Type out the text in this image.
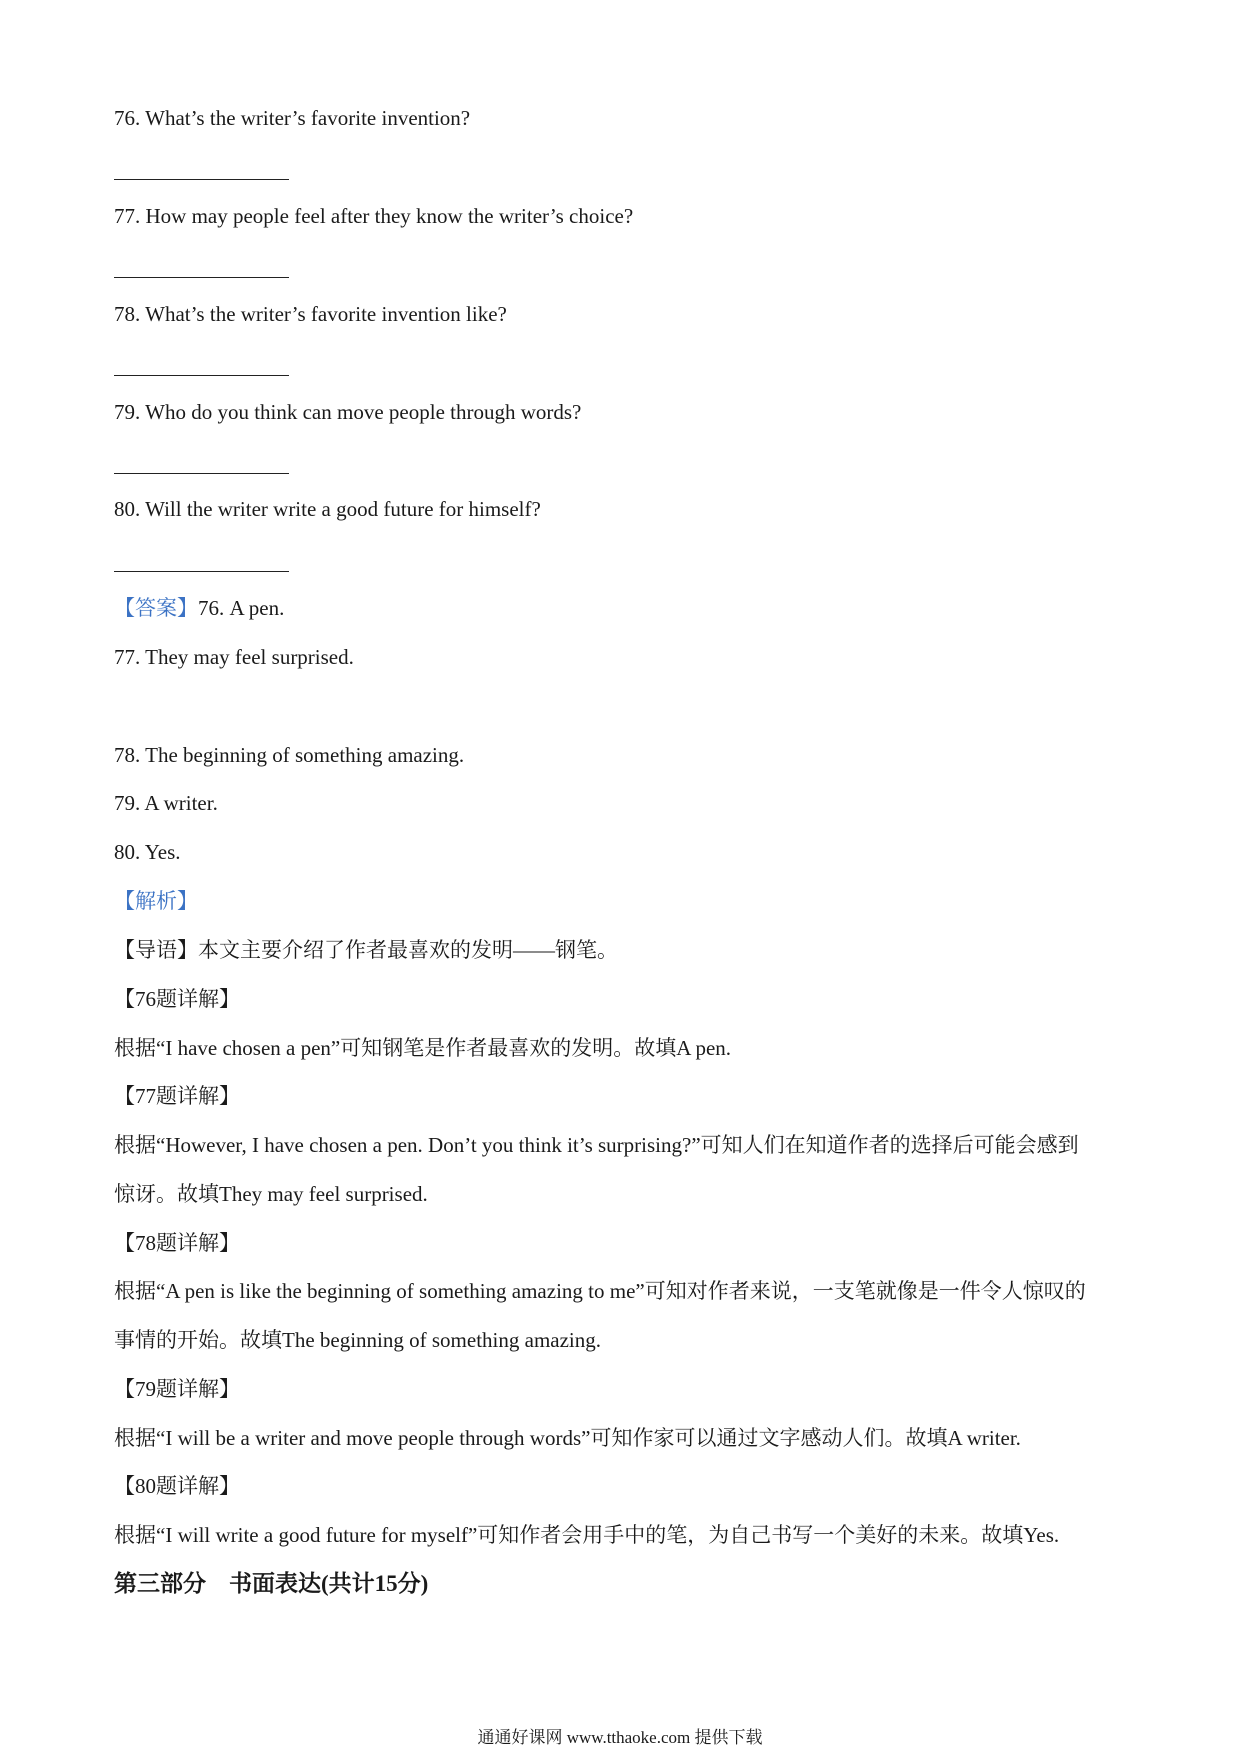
76. What’s the writer’s favorite invention?

77. How may people feel after they know the writer’s choice?

78. What’s the writer’s favorite invention like?

79. Who do you think can move people through words?

80. Will the writer write a good future for himself?

【答案】76. A pen.

77. They may feel surprised.

78. The beginning of something amazing.

79. A writer.

80. Yes.

【解析】

【导语】本文主要介绍了作者最喜欢的发明——钢笔。

【76题详解】

根据“I have chosen a pen”可知钢笔是作者最喜欢的发明。故填A pen.

【77题详解】

根据“However, I have chosen a pen. Don’t you think it’s surprising?”可知人们在知道作者的选择后可能会感到

惊讶。故填They may feel surprised.

【78题详解】

根据“A pen is like the beginning of something amazing to me”可知对作者来说，一支笔就像是一件令人惊叹的

事情的开始。故填The beginning of something amazing.

【79题详解】

根据“I will be a writer and move people through words”可知作家可以通过文字感动人们。故填A writer.

【80题详解】

根据“I will write a good future for myself”可知作者会用手中的笔，为自己书写一个美好的未来。故填Yes.

第三部分　书面表达(共计15分)

通通好课网 www.tthaoke.com 提供下载
